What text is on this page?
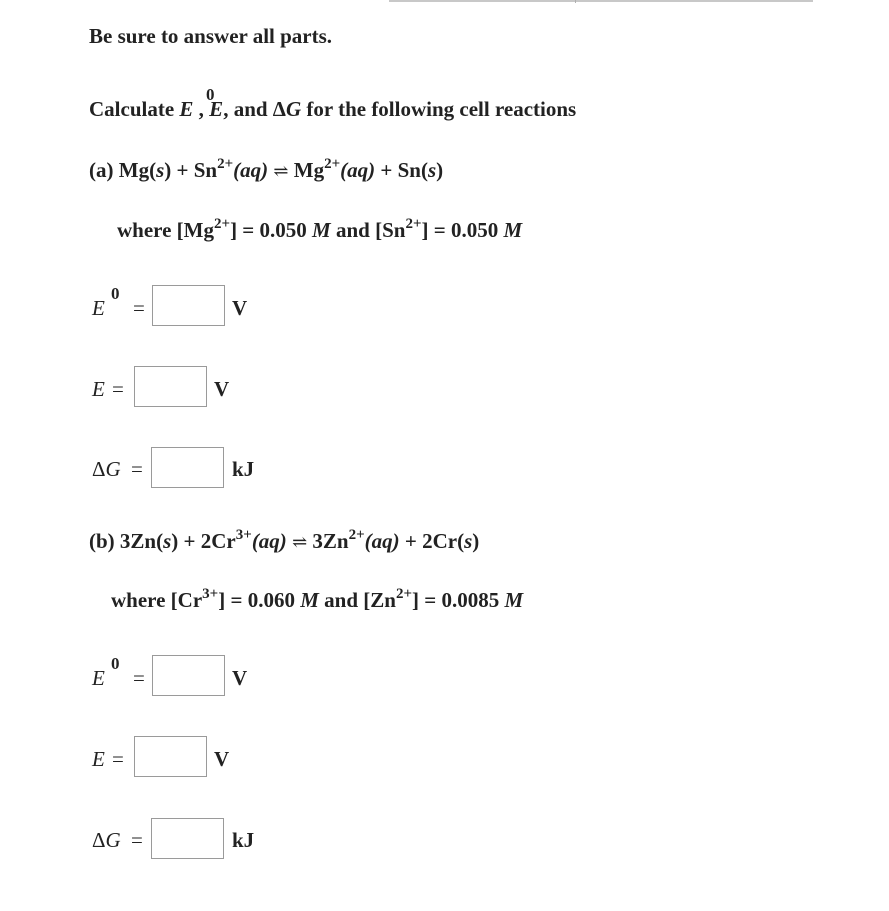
Be sure to answer all parts.
Calculate E , E, and ΔG for the following cell reactions
0
(a) $Mg(s) + Sn^{2+}(aq)$ ⇌ $Mg^{2+}(aq) + Sn(s)$
where $[Mg^{2+}] = 0.050$ M and $[Sn^{2+}] = 0.050$ M
E
0
=	V
E =	V
ΔG =	kJ
(b) $3Zn(s) + 2Cr^{3+}(aq)$ ⇌ $3Zn^{2+}(aq) + 2Cr(s)$
where $[Cr^{3+}] = 0.060$ M and $[Zn^{2+}] = 0.0085$ M
E
0
=	V
E =	V
ΔG =	kJ
